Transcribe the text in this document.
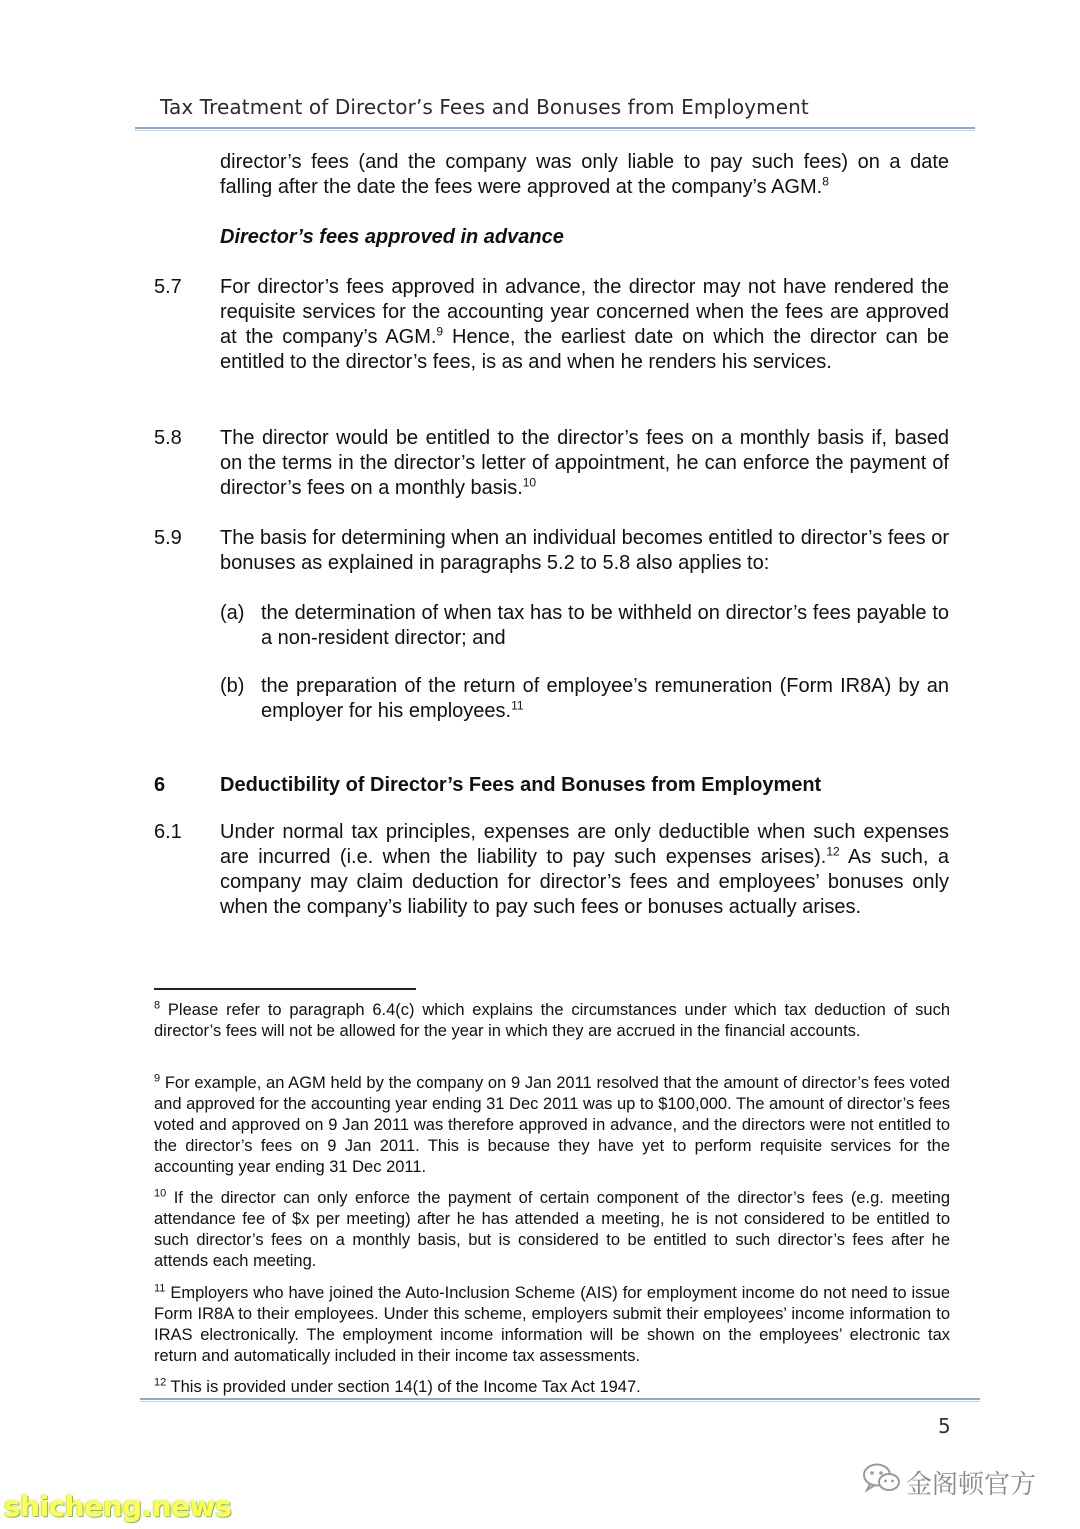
Tax Treatment of Director’s Fees and Bonuses from Employment
director’s fees (and the company was only liable to pay such fees) on a date falling after the date the fees were approved at the company’s AGM.$^8$
Director’s fees approved in advance
5.7 For director’s fees approved in advance, the director may not have rendered the requisite services for the accounting year concerned when the fees are approved at the company’s AGM.$^9$ Hence, the earliest date on which the director can be entitled to the director’s fees, is as and when he renders his services.
5.8 The director would be entitled to the director’s fees on a monthly basis if, based on the terms in the director’s letter of appointment, he can enforce the payment of director’s fees on a monthly basis.$^{10}$
5.9 The basis for determining when an individual becomes entitled to director’s fees or bonuses as explained in paragraphs 5.2 to 5.8 also applies to:
(a) the determination of when tax has to be withheld on director’s fees payable to a non-resident director; and
(b) the preparation of the return of employee’s remuneration (Form IR8A) by an employer for his employees.$^{11}$
6	Deductibility of Director’s Fees and Bonuses from Employment
6.1 Under normal tax principles, expenses are only deductible when such expenses are incurred (i.e. when the liability to pay such expenses arises).$^{12}$ As such, a company may claim deduction for director’s fees and employees’ bonuses only when the company’s liability to pay such fees or bonuses actually arises.
$^8$ Please refer to paragraph 6.4(c) which explains the circumstances under which tax deduction of such director’s fees will not be allowed for the year in which they are accrued in the financial accounts.
$^9$ For example, an AGM held by the company on 9 Jan 2011 resolved that the amount of director’s fees voted and approved for the accounting year ending 31 Dec 2011 was up to $100,000. The amount of director’s fees voted and approved on 9 Jan 2011 was therefore approved in advance, and the directors were not entitled to the director’s fees on 9 Jan 2011. This is because they have yet to perform requisite services for the accounting year ending 31 Dec 2011.
$^{10}$ If the director can only enforce the payment of certain component of the director’s fees (e.g. meeting attendance fee of $x per meeting) after he has attended a meeting, he is not considered to be entitled to such director’s fees on a monthly basis, but is considered to be entitled to such director’s fees after he attends each meeting.
$^{11}$ Employers who have joined the Auto-Inclusion Scheme (AIS) for employment income do not need to issue Form IR8A to their employees. Under this scheme, employers submit their employees’ income information to IRAS electronically. The employment income information will be shown on the employees’ electronic tax return and automatically included in their income tax assessments.
$^{12}$ This is provided under section 14(1) of the Income Tax Act 1947.
5
金阁顿官方
shicheng.news
